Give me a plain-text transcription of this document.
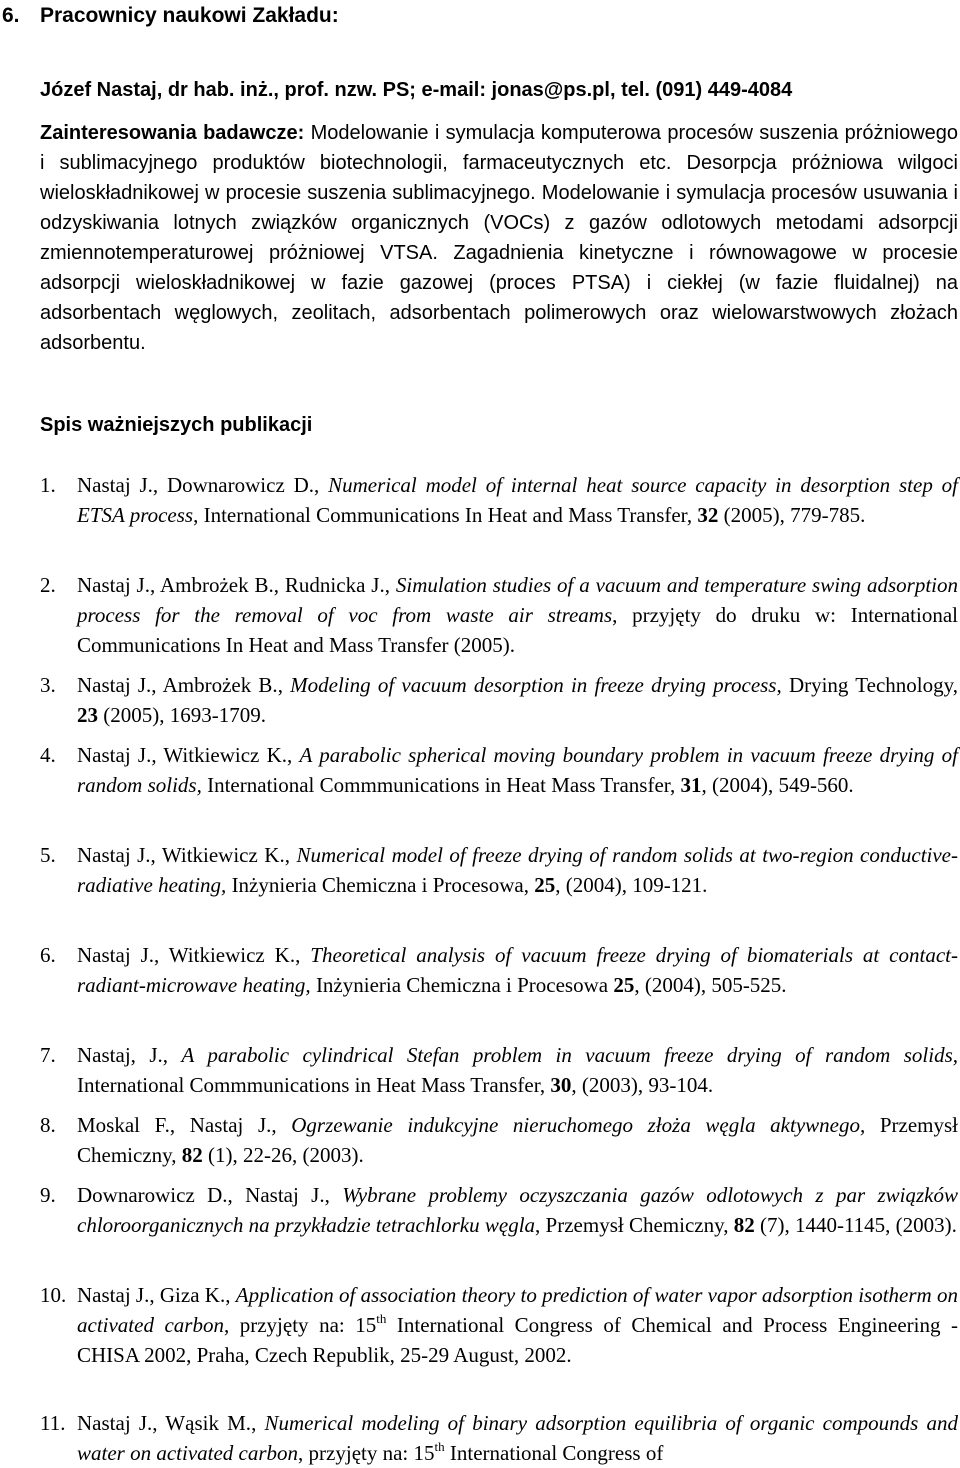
6. Pracownicy naukowi Zakładu:
Józef Nastaj, dr hab. inż., prof. nzw. PS; e-mail: jonas@ps.pl, tel. (091) 449-4084
Zainteresowania badawcze: Modelowanie i symulacja komputerowa procesów suszenia próżniowego i sublimacyjnego produktów biotechnologii, farmaceutycznych etc. Desorpcja próżniowa wilgoci wieloskładnikowej w procesie suszenia sublimacyjnego. Modelowanie i symulacja procesów usuwania i odzyskiwania lotnych związków organicznych (VOCs) z gazów odlotowych metodami adsorpcji zmiennotemperaturowej próżniowej VTSA. Zagadnienia kinetyczne i równowagowe w procesie adsorpcji wieloskładnikowej w fazie gazowej (proces PTSA) i ciekłej (w fazie fluidalnej) na adsorbentach węglowych, zeolitach, adsorbentach polimerowych oraz wielowarstwowych złożach adsorbentu.
Spis ważniejszych publikacji
1.	Nastaj J., Downarowicz D., Numerical model of internal heat source capacity in desorption step of ETSA process, International Communications In Heat and Mass Transfer, 32 (2005), 779-785.
2.	Nastaj J., Ambrożek B., Rudnicka J., Simulation studies of a vacuum and temperature swing adsorption process for the removal of voc from waste air streams, przyjęty do druku w: International Communications In Heat and Mass Transfer (2005).
3.	Nastaj J., Ambrożek B., Modeling of vacuum desorption in freeze drying process, Drying Technology, 23 (2005), 1693-1709.
4.	Nastaj J., Witkiewicz K., A parabolic spherical moving boundary problem in vacuum freeze drying of random solids, International Commmunications in Heat Mass Transfer, 31, (2004), 549-560.
5.	Nastaj J., Witkiewicz K., Numerical model of freeze drying of random solids at two-region conductive-radiative heating, Inżynieria Chemiczna i Procesowa, 25, (2004), 109-121.
6.	Nastaj J., Witkiewicz K., Theoretical analysis of vacuum freeze drying of biomaterials at contact-radiant-microwave heating, Inżynieria Chemiczna i Procesowa 25, (2004), 505-525.
7.	Nastaj, J., A parabolic cylindrical Stefan problem in vacuum freeze drying of random solids, International Commmunications in Heat Mass Transfer, 30, (2003), 93-104.
8.	Moskal F., Nastaj J., Ogrzewanie indukcyjne nieruchomego złoża węgla aktywnego, Przemysł Chemiczny, 82 (1), 22-26, (2003).
9.	Downarowicz D., Nastaj J., Wybrane problemy oczyszczania gazów odlotowych z par związków chloroorganicznych na przykładzie tetrachlorku węgla, Przemysł Chemiczny, 82 (7), 1440-1145, (2003).
10. Nastaj J., Giza K., Application of association theory to prediction of water vapor adsorption isotherm on activated carbon, przyjęty na: 15th International Congress of Chemical and Process Engineering - CHISA 2002, Praha, Czech Republik, 25-29 August, 2002.
11. Nastaj J., Wąsik M., Numerical modeling of binary adsorption equilibria of organic compounds and water on activated carbon, przyjęty na: 15th International Congress of
